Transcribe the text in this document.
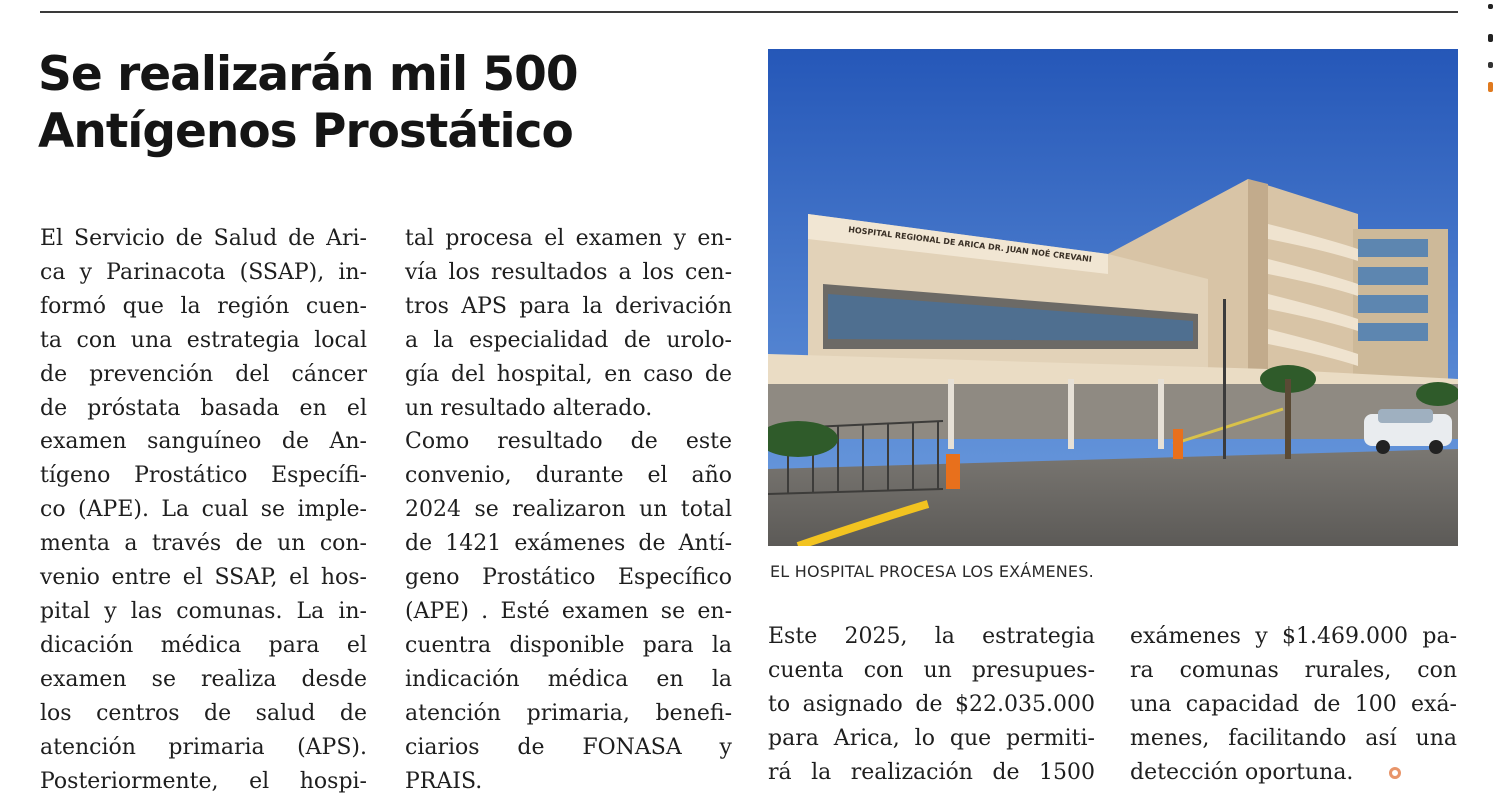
Se realizarán mil 500
Antígenos Prostático
El Servicio de Salud de Ari-
ca y Parinacota (SSAP), in-
formó que la región cuen-
ta con una estrategia local
de prevención del cáncer
de próstata basada en el
examen sanguíneo de An-
tígeno Prostático Específi-
co (APE). La cual se imple-
menta a través de un con-
venio entre el SSAP, el hos-
pital y las comunas. La in-
dicación médica para el
examen se realiza desde
los centros de salud de
atención primaria (APS).
Posteriormente, el hospi-
tal procesa el examen y en-
vía los resultados a los cen-
tros APS para la derivación
a la especialidad de urolo-
gía del hospital, en caso de
un resultado alterado.
Como resultado de este
convenio, durante el año
2024 se realizaron un total
de 1421 exámenes de Antí-
geno Prostático Específico
(APE) . Esté examen se en-
cuentra disponible para la
indicación médica en la
atención primaria, benefi-
ciarios de FONASA y
PRAIS.
HOSPITAL REGIONAL DE ARICA DR. JUAN NOÉ CREVANI

EL HOSPITAL PROCESA LOS EXÁMENES.

Este 2025, la estrategia
cuenta con un presupues-
to asignado de $22.035.000
para Arica, lo que permiti-
rá la realización de 1500
exámenes y $1.469.000 pa-
ra comunas rurales, con
una capacidad de 100 exá-
menes, facilitando así una
detección oportuna.
